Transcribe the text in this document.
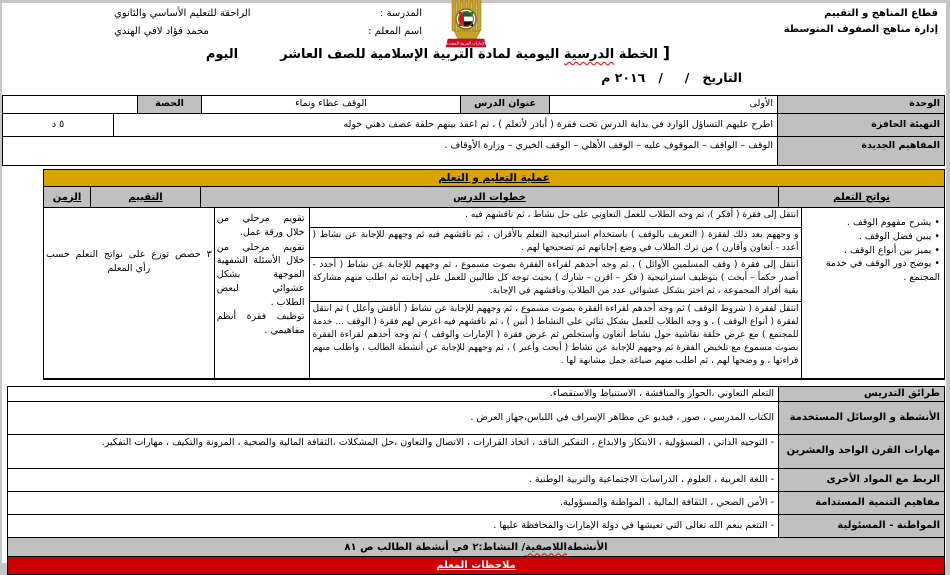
قطاع المناهج و التقييم
إدارة مناهج الصفوف المتوسطة
الإمارات العربية المتحدة
المدرسة :
الراحقة للتعليم الأساسي والثانوي
اسم المعلم :
محمد فؤاد لافي الهندي
[
الخطة الدرسية اليومية لمادة التربية الإسلامية للصف العاشراليوم
التاريخ   /     /   ٢٠١٦ م
الوحدة
الأولى
عنوان الدرس
الوقف عطاء ونماء
الحصة
التهيئة الحافزة
اطرح عليهم التساؤل الوارد في بداية الدرس تحت فقرة ( أبادر لأتعلم ) ، ثم اعقد بينهم حلقة عصف ذهني حوله
٥ د
المفاهيم الجديدة
الوقف – الواقف – الموقوف عليه – الوقف الأهلي – الوقف الخيري – وزارة الأوقاف .
عملية التعليم و التعلم
نواتج التعلم
خطوات الدرس
التقييم
الزمن
• يشرح مفهوم الوقف .
• يبين فضل الوقف .
• يميز بين أنواع الوقف .
• يوضح دور الوقف في خدمة المجتمع .
انتقل إلى فقرة ( أفكر )، ثم وجه الطلاب للعمل التعاوني على حل نشاط ، ثم ناقشهم فيه .
و وجههم بعد ذلك لفقرة ( التعريف بالوقف ) باستخدام استراتيجية التعلم بالأقران ، ثم ناقشهم فيه ثم وجههم للإجابة عن نشاط ( أعدد - أتعاون وأقارن ) من ترك الطلاب في وضع إجاباتهم ثم تصحيحها لهم .
انتقل إلى فقرة ( وقف المسلمين الأوائل ) ، ثم وجه أحدهم لقراءة الفقرة بصوت مسموع ، ثم وجههم للإجابة عن نشاط ( أحدد - أصدر حكماً – أبحث ) بتوظيف استراتيجية ( فكر – اقرن – شارك ) بحيث توجه كل طالبين للعمل على إجابته ثم اطلب منهم مشاركة بقية أفراد المجموعة ، ثم اختر بشكل عشوائي عدد من الطلاب وناقشهم في الإجابة.
انتقل لفقرة ( شروط الوقف ) ثم وجه أحدهم لقراءة الفقرة بصوت مسموع ، ثم وجههم للإجابة عن نشاط ( أناقش وأعلل ) ثم انتقل لفقرة ( أنواع الوقف ) ، و وجه الطلاب للعمل بشكل ثنائي على النشاط ( أبين ) ، ثم ناقشهم فيه اعرض لهم فقرة ( الوقف ... خدمة للمجتمع ) مع عرض حلقة نقاشية حول نشاط أتعاون وأستخلص ثم عرض فقرة ( الإمارات والوقف ) ثم وجه أحدهم لقراءة الفقرة بصوت مسموع مع تلخيص الفقرة ثم وجههم للإجابة عن نشاط ( أبحث وأعبر ) ، ثم وجههم للإجابة عن أنشطة الطالب ، واطلب منهم قراءتها ، و وضحها لهم ، ثم اطلب منهم صياغة جمل مشابهة لها .
تقويم مرحلي من خلال ورقة عمل.
تقويم مرحلي من خلال الأسئلة الشفهية الموجهة بشكل عشوائي لبعض الطلاب .
توظيف فقرة أنظم مفاهيمي .
٣ حصص توزع على نواتج التعلم حسب رأي المعلم
طرائق التدريس
التعلم التعاوني ،الحوار والمناقشة ، الاستنباط والاستقصاء.
الأنشطة و الوسائل المستخدمة
الكتاب المدرسي ، صور ، فيديو عن مظاهر الإسراف في اللباس،جهاز العرض .
مهارات القرن الواحد والعشرين
- التوجيه الذاتي ، المسؤولية ، الابتكار والابداع ، التفكير الناقد ، اتخاذ القرارات ، الاتصال والتعاون ،حل المشكلات ،الثقافة المالية والصحية ، المرونة والتكيف ، مهارات التفكير.
الربط مع المواد الأخرى
- اللغة العربية ، العلوم ، الدراسات الاجتماعية والتربية الوطنية .
مفاهيم التنمية المستدامة
- الأمن الصحي ، الثقافة المالية ، المواطنة والمسؤولية.
المواطنة - المسئولية
- التنعم بنعم الله تعالى التي نعيشها في دولة الإمارات والمحافظة عليها .
الأنشطة
اللاصفية
/ النشاط:٢ في أنشطة الطالب ص ٨١
ملاحظات المعلم
